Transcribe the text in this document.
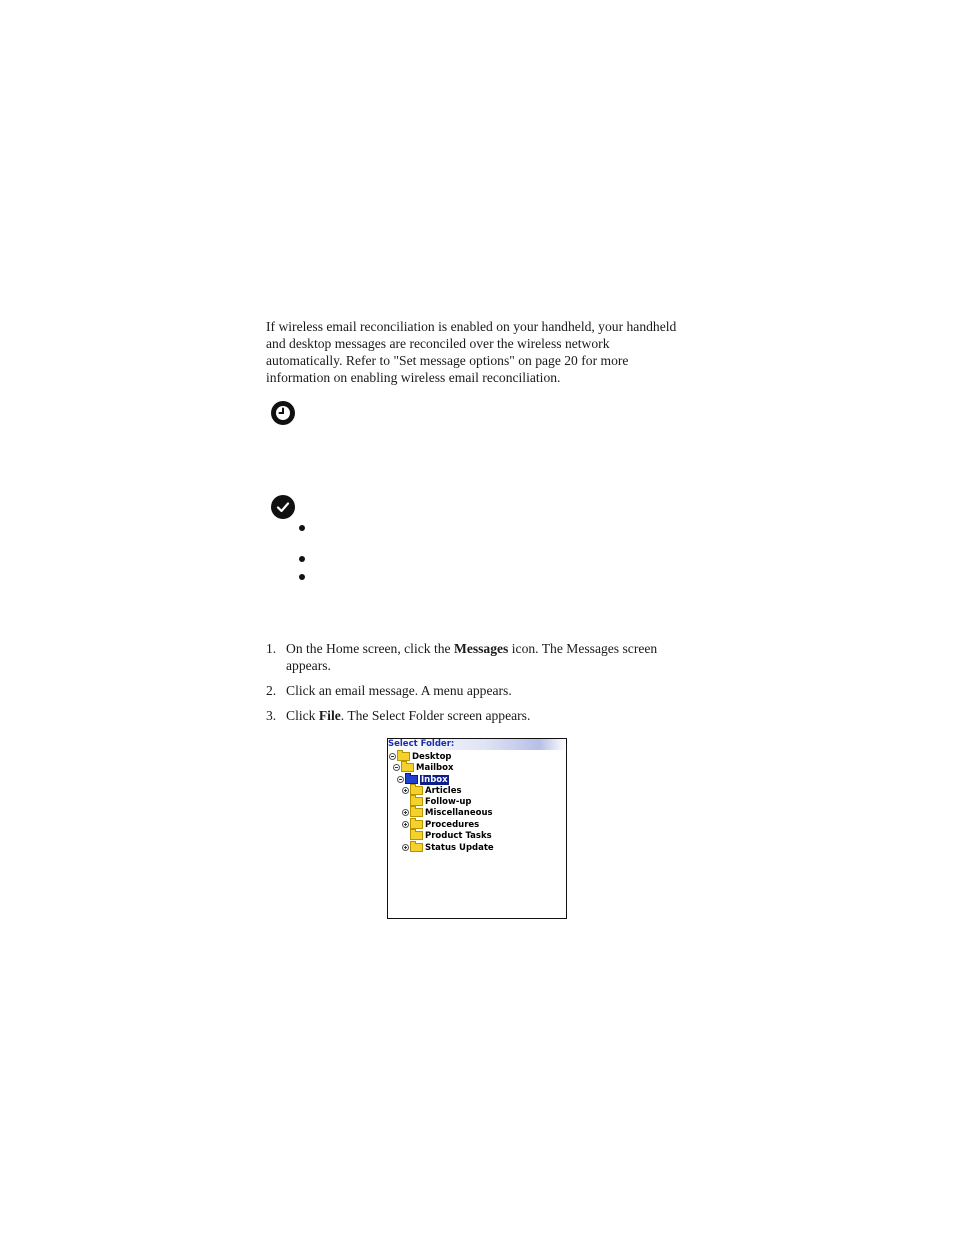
If wireless email reconciliation is enabled on your handheld, your handheld and desktop messages are reconciled over the wireless network automatically. Refer to "Set message options" on page 20 for more information on enabling wireless email reconciliation.

1. On the Home screen, click the Messages icon. The Messages screen appears.
2. Click an email message. A menu appears.
3. Click File. The Select Folder screen appears.
Select Folder:
Desktop
Mailbox
Inbox
Articles
Follow-up
Miscellaneous
Procedures
Product Tasks
Status Update
